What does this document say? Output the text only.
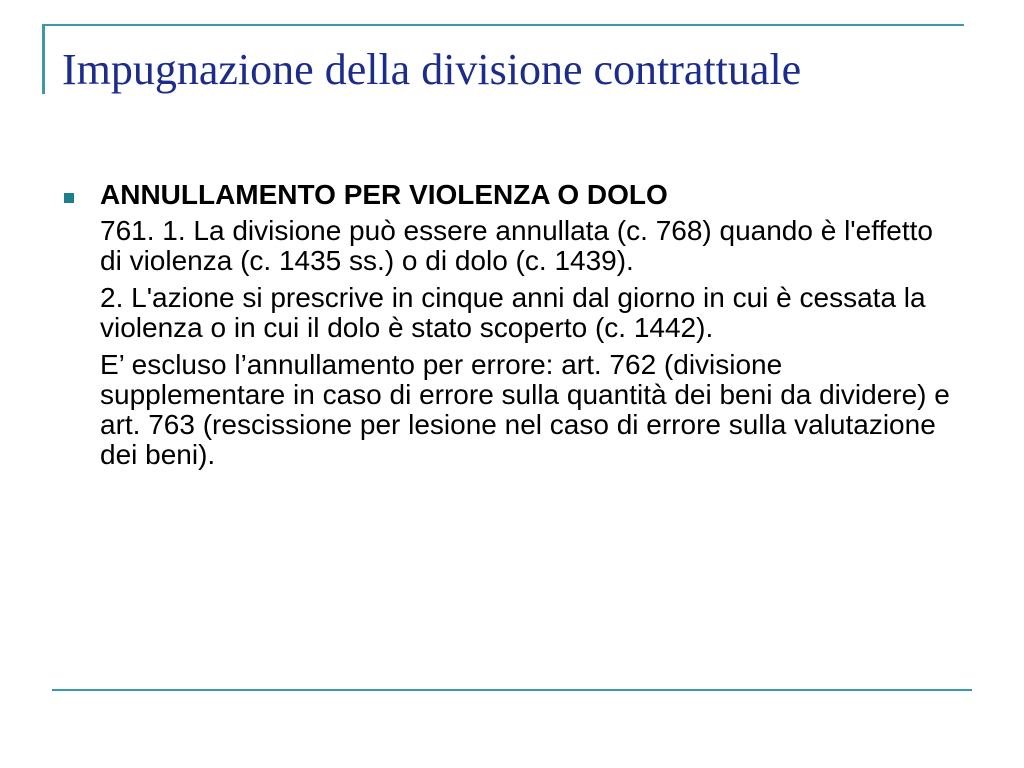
Impugnazione della divisione contrattuale

ANNULLAMENTO PER VIOLENZA O DOLO

761. 1. La divisione può essere annullata (c. 768) quando è l'effetto di violenza (c. 1435 ss.) o di dolo (c. 1439).

2. L'azione si prescrive in cinque anni dal giorno in cui è cessata la violenza o in cui il dolo è stato scoperto (c. 1442).

E’ escluso l’annullamento per errore: art. 762 (divisione supplementare in caso di errore sulla quantità dei beni da dividere) e art. 763 (rescissione per lesione nel caso di errore sulla valutazione dei beni).
